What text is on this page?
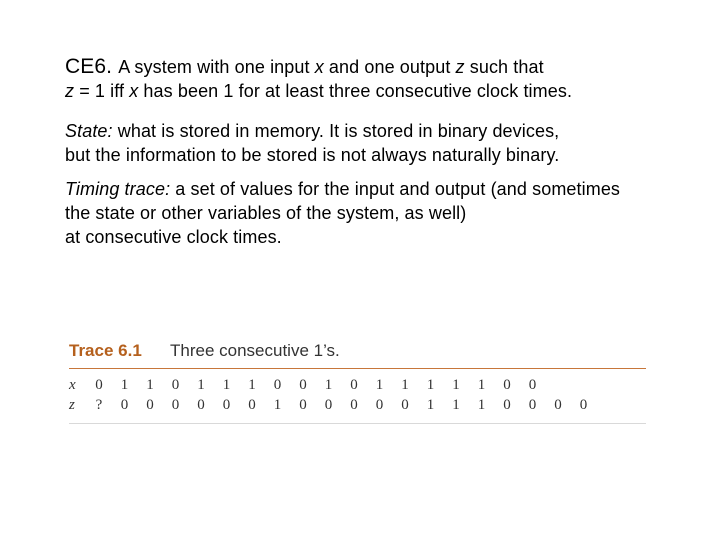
CE6. A system with one input x and one output z such that
z = 1 iff x has been 1 for at least three consecutive clock times.
State: what is stored in memory. It is stored in binary devices,
but the information to be stored is not always naturally binary.
Timing trace: a set of values for the input and output (and sometimes
the state or other variables of the system, as well)
at consecutive clock times.
Trace 6.1 Three consecutive 1’s.
x	0 1 1 0 1 1 1 0 0 1 0 1 1 1 1 1 0 0
z	? 0 0 0 0 0 0 1 0 0 0 0 0 1 1 1 0 0 0 0
